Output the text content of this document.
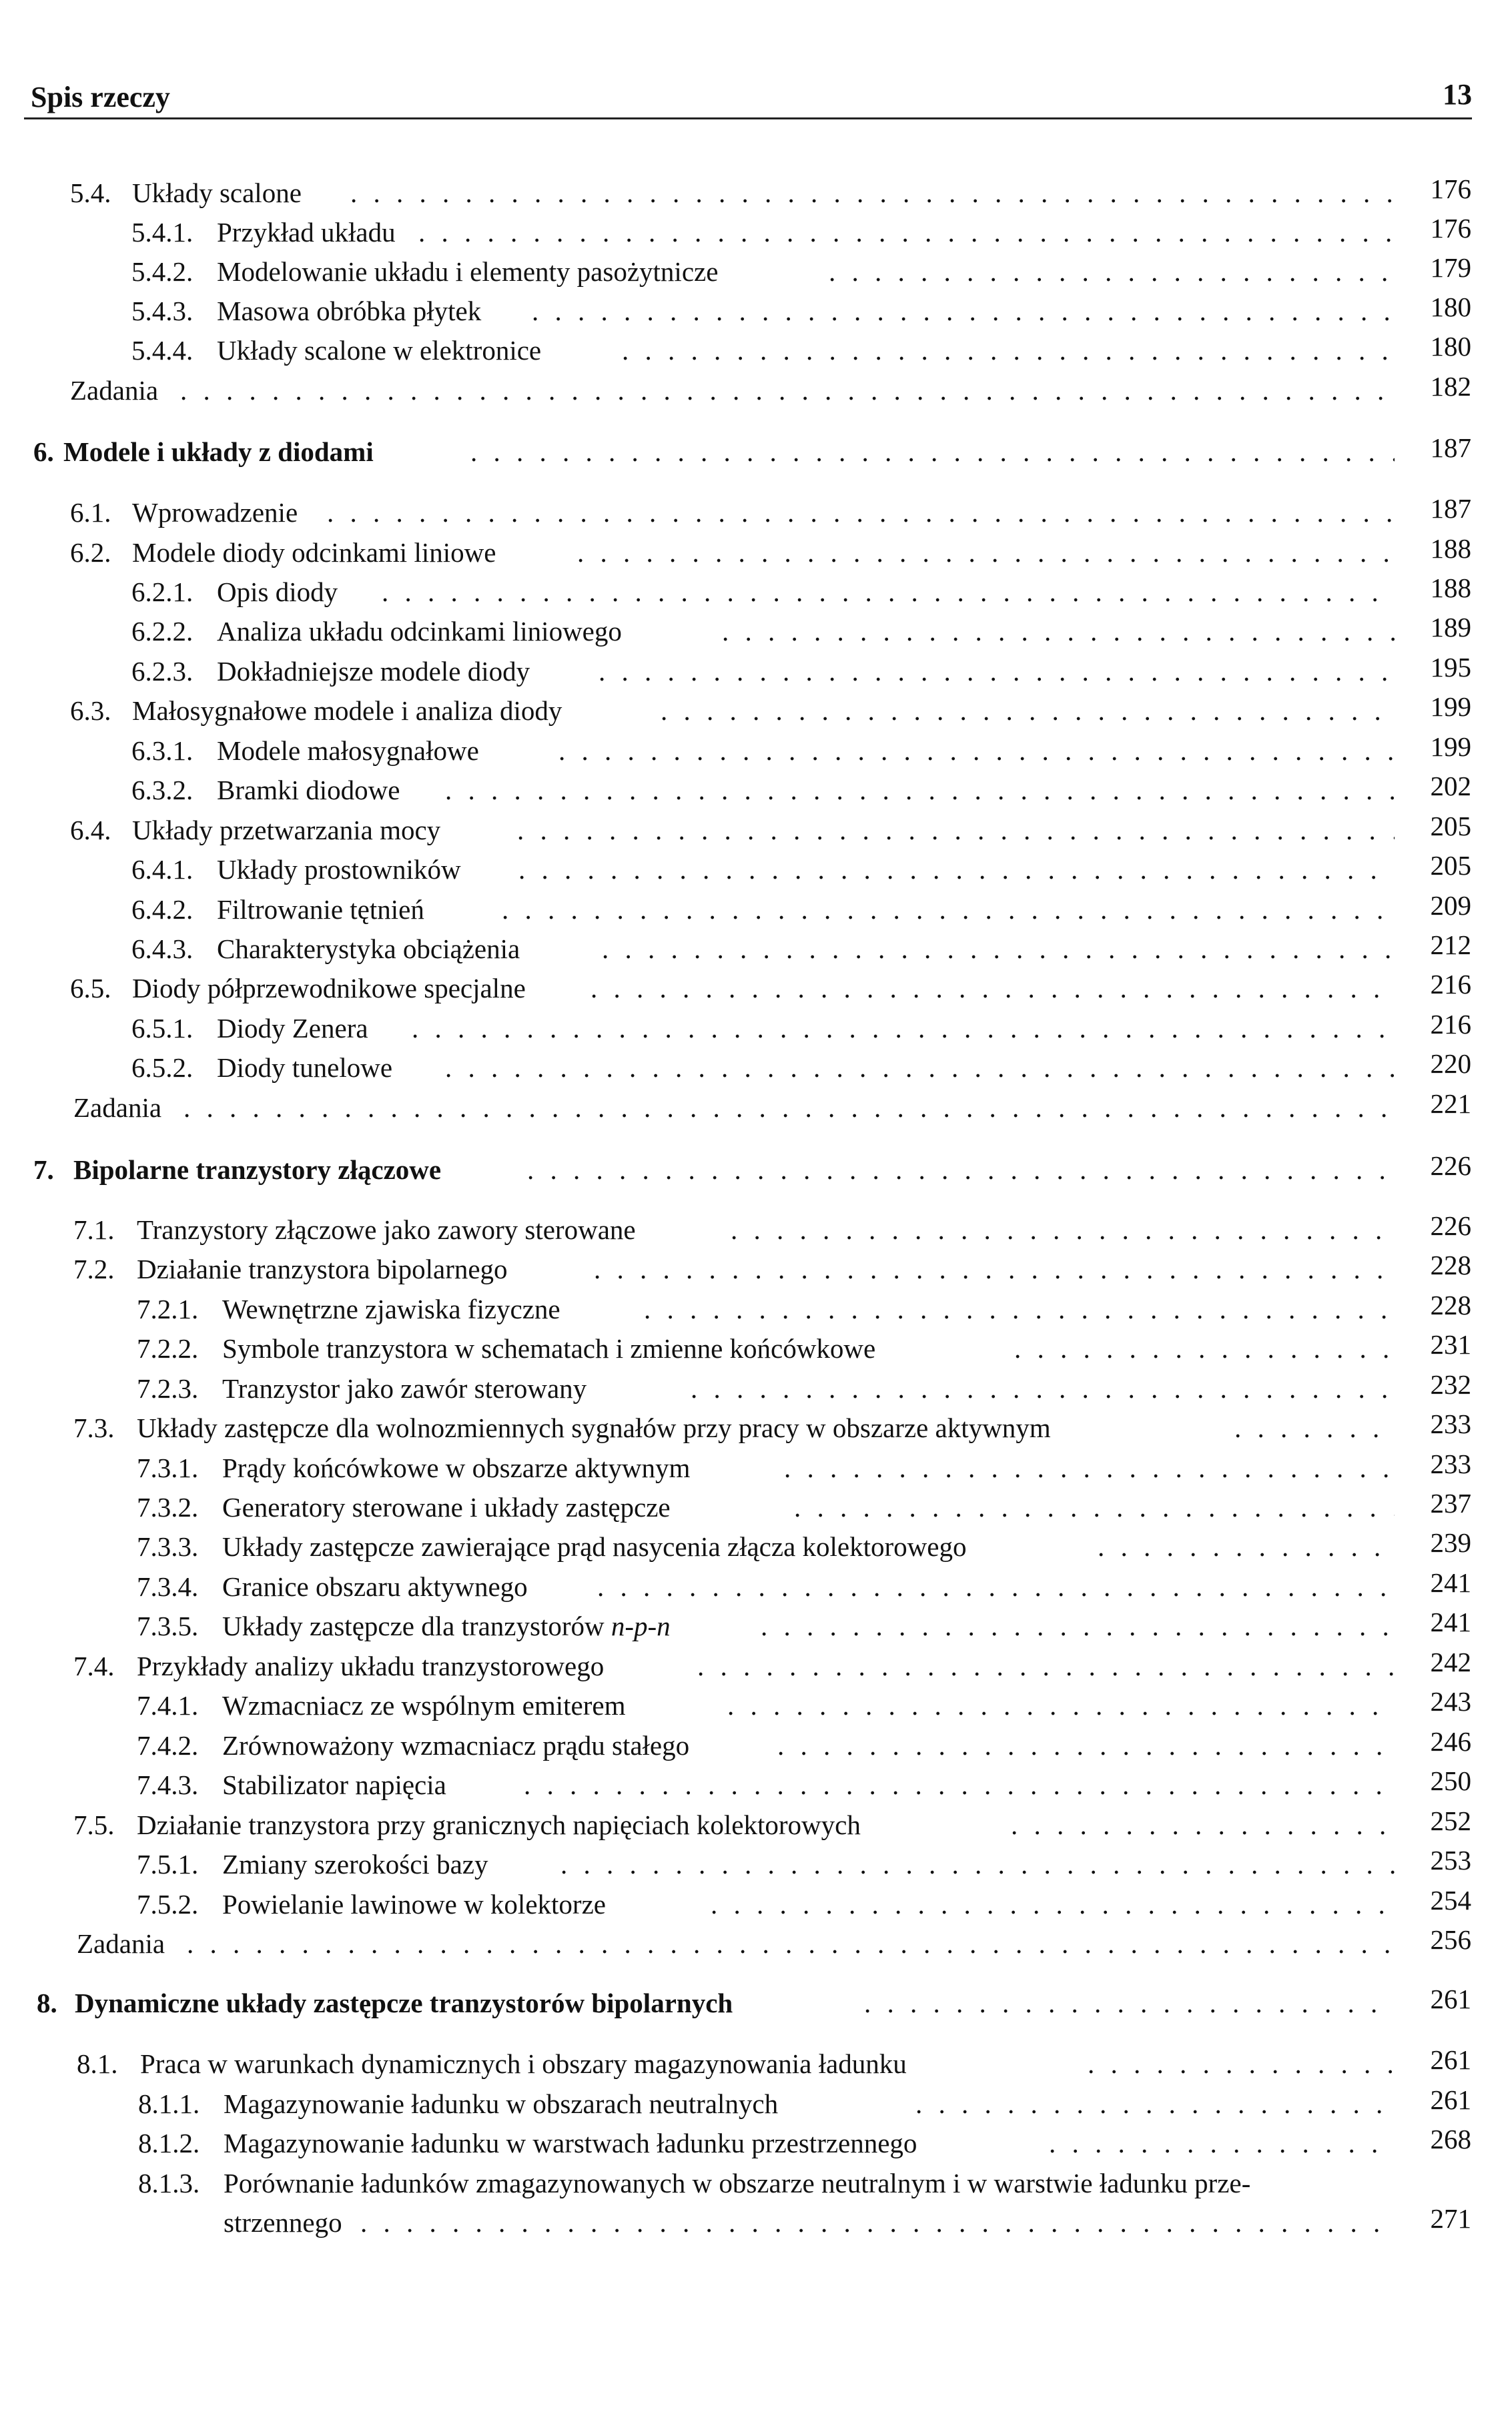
Spis rzeczy	13
5.4. Układy scalone . . .	176
5.4.1. Przykład układu . . .	176
5.4.2. Modelowanie układu i elementy pasożytnicze . . .	179
5.4.3. Masowa obróbka płytek . . .	180
5.4.4. Układy scalone w elektronice . . .	180
Zadania . . .	182
6. Modele i układy z diodami . . .	187
6.1. Wprowadzenie . . .	187
6.2. Modele diody odcinkami liniowe . . .	188
6.2.1. Opis diody . . .	188
6.2.2. Analiza układu odcinkami liniowego . . .	189
6.2.3. Dokładniejsze modele diody . . .	195
6.3. Małosygnałowe modele i analiza diody . . .	199
6.3.1. Modele małosygnałowe . . .	199
6.3.2. Bramki diodowe . . .	202
6.4. Układy przetwarzania mocy . . .	205
6.4.1. Układy prostowników . . .	205
6.4.2. Filtrowanie tętnień . . .	209
6.4.3. Charakterystyka obciążenia . . .	212
6.5. Diody półprzewodnikowe specjalne . . .	216
6.5.1. Diody Zenera . . .	216
6.5.2. Diody tunelowe . . .	220
Zadania . . .	221
7. Bipolarne tranzystory złączowe . . .	226
7.1. Tranzystory złączowe jako zawory sterowane . . .	226
7.2. Działanie tranzystora bipolarnego . . .	228
7.2.1. Wewnętrzne zjawiska fizyczne . . .	228
7.2.2. Symbole tranzystora w schematach i zmienne końcówkowe . . .	231
7.2.3. Tranzystor jako zawór sterowany . . .	232
7.3. Układy zastępcze dla wolnozmiennych sygnałów przy pracy w obszarze aktywnym . . .	233
7.3.1. Prądy końcówkowe w obszarze aktywnym . . .	233
7.3.2. Generatory sterowane i układy zastępcze . . .	237
7.3.3. Układy zastępcze zawierające prąd nasycenia złącza kolektorowego . . .	239
7.3.4. Granice obszaru aktywnego . . .	241
7.3.5. Układy zastępcze dla tranzystorów n-p-n . . .	241
7.4. Przykłady analizy układu tranzystorowego . . .	242
7.4.1. Wzmacniacz ze wspólnym emiterem . . .	243
7.4.2. Zrównoważony wzmacniacz prądu stałego . . .	246
7.4.3. Stabilizator napięcia . . .	250
7.5. Działanie tranzystora przy granicznych napięciach kolektorowych . . .	252
7.5.1. Zmiany szerokości bazy . . .	253
7.5.2. Powielanie lawinowe w kolektorze . . .	254
Zadania . . .	256
8. Dynamiczne układy zastępcze tranzystorów bipolarnych . . .	261
8.1. Praca w warunkach dynamicznych i obszary magazynowania ładunku . . .	261
8.1.1. Magazynowanie ładunku w obszarach neutralnych . . .	261
8.1.2. Magazynowanie ładunku w warstwach ładunku przestrzennego . . .	268
8.1.3. Porównanie ładunków zmagazynowanych w obszarze neutralnym i w warstwie ładunku prze-
strzennego . . .	271
